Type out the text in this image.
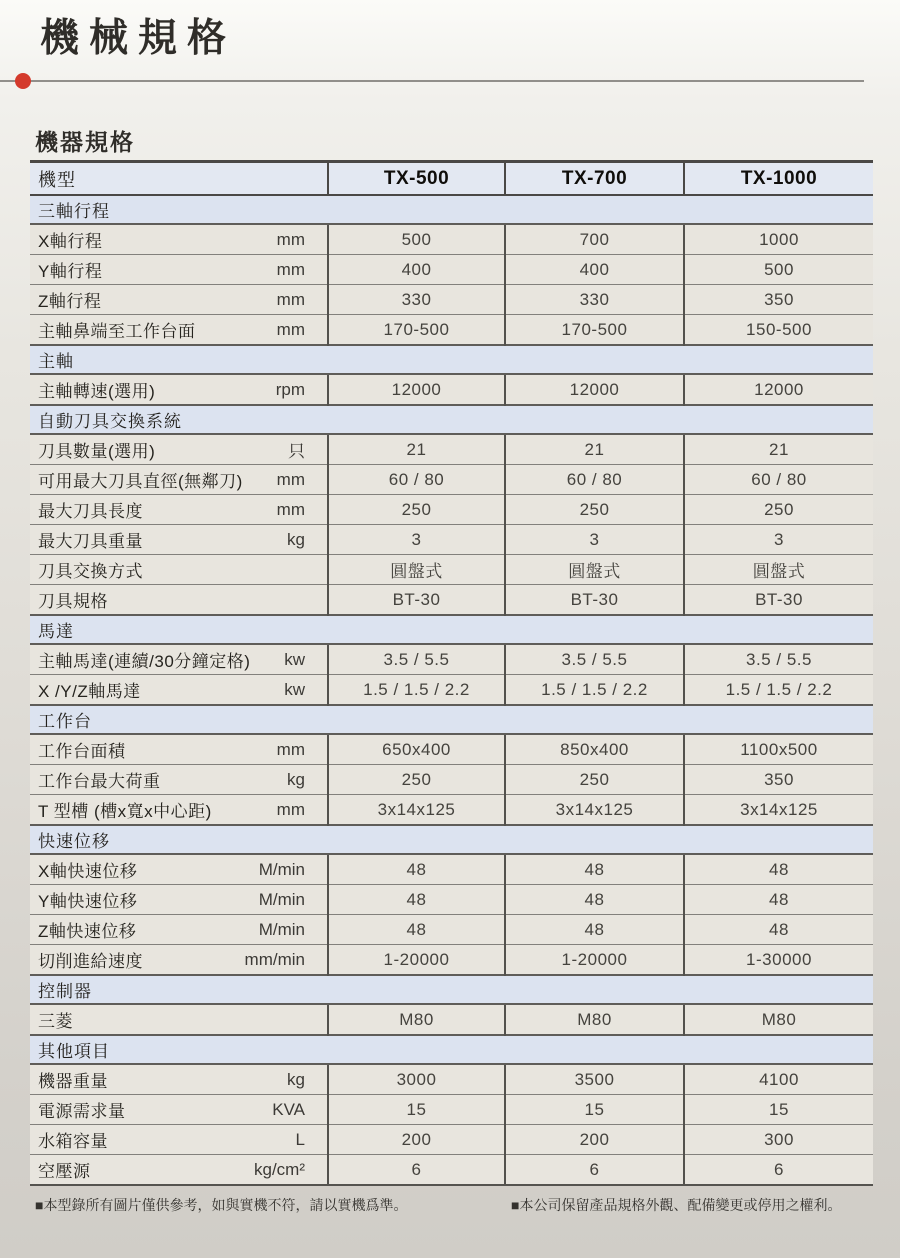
機械規格
機器規格
機型	TX-500	TX-700	TX-1000
三軸行程			

X軸行程 mm	500	700	1000

Y軸行程 mm	400	400	500

Z軸行程 mm	330	330	350

主軸鼻端至工作台面 mm	170-500	170-500	150-500
主軸			

主軸轉速(選用) rpm	12000	12000	12000
自動刀具交換系統			

刀具數量(選用) 只	21	21	21

可用最大刀具直徑(無鄰刀) mm	60 / 80	60 / 80	60 / 80

最大刀具長度 mm	250	250	250

最大刀具重量 kg	3	3	3

刀具交換方式	圓盤式	圓盤式	圓盤式

刀具規格	BT-30	BT-30	BT-30
馬達			

主軸馬達(連續/30分鐘定格) kw	3.5 / 5.5	3.5 / 5.5	3.5 / 5.5

X /Y/Z軸馬達 kw	1.5 / 1.5 / 2.2	1.5 / 1.5 / 2.2	1.5 / 1.5 / 2.2
工作台			

工作台面積 mm	650x400	850x400	1100x500

工作台最大荷重 kg	250	250	350

T 型槽 (槽x寬x中心距) mm	3x14x125	3x14x125	3x14x125
快速位移			

X軸快速位移 M/min	48	48	48

Y軸快速位移 M/min	48	48	48

Z軸快速位移 M/min	48	48	48

切削進給速度 mm/min	1-20000	1-20000	1-30000
控制器			

三菱	M80	M80	M80
其他項目			

機器重量 kg	3000	3500	4100

電源需求量 KVA	15	15	15

水箱容量 L	200	200	300

空壓源 kg/cm²	6	6	6
■本型錄所有圖片僅供參考，如與實機不符，請以實機爲準。	■本公司保留產品規格外觀、配備變更或停用之權利。
